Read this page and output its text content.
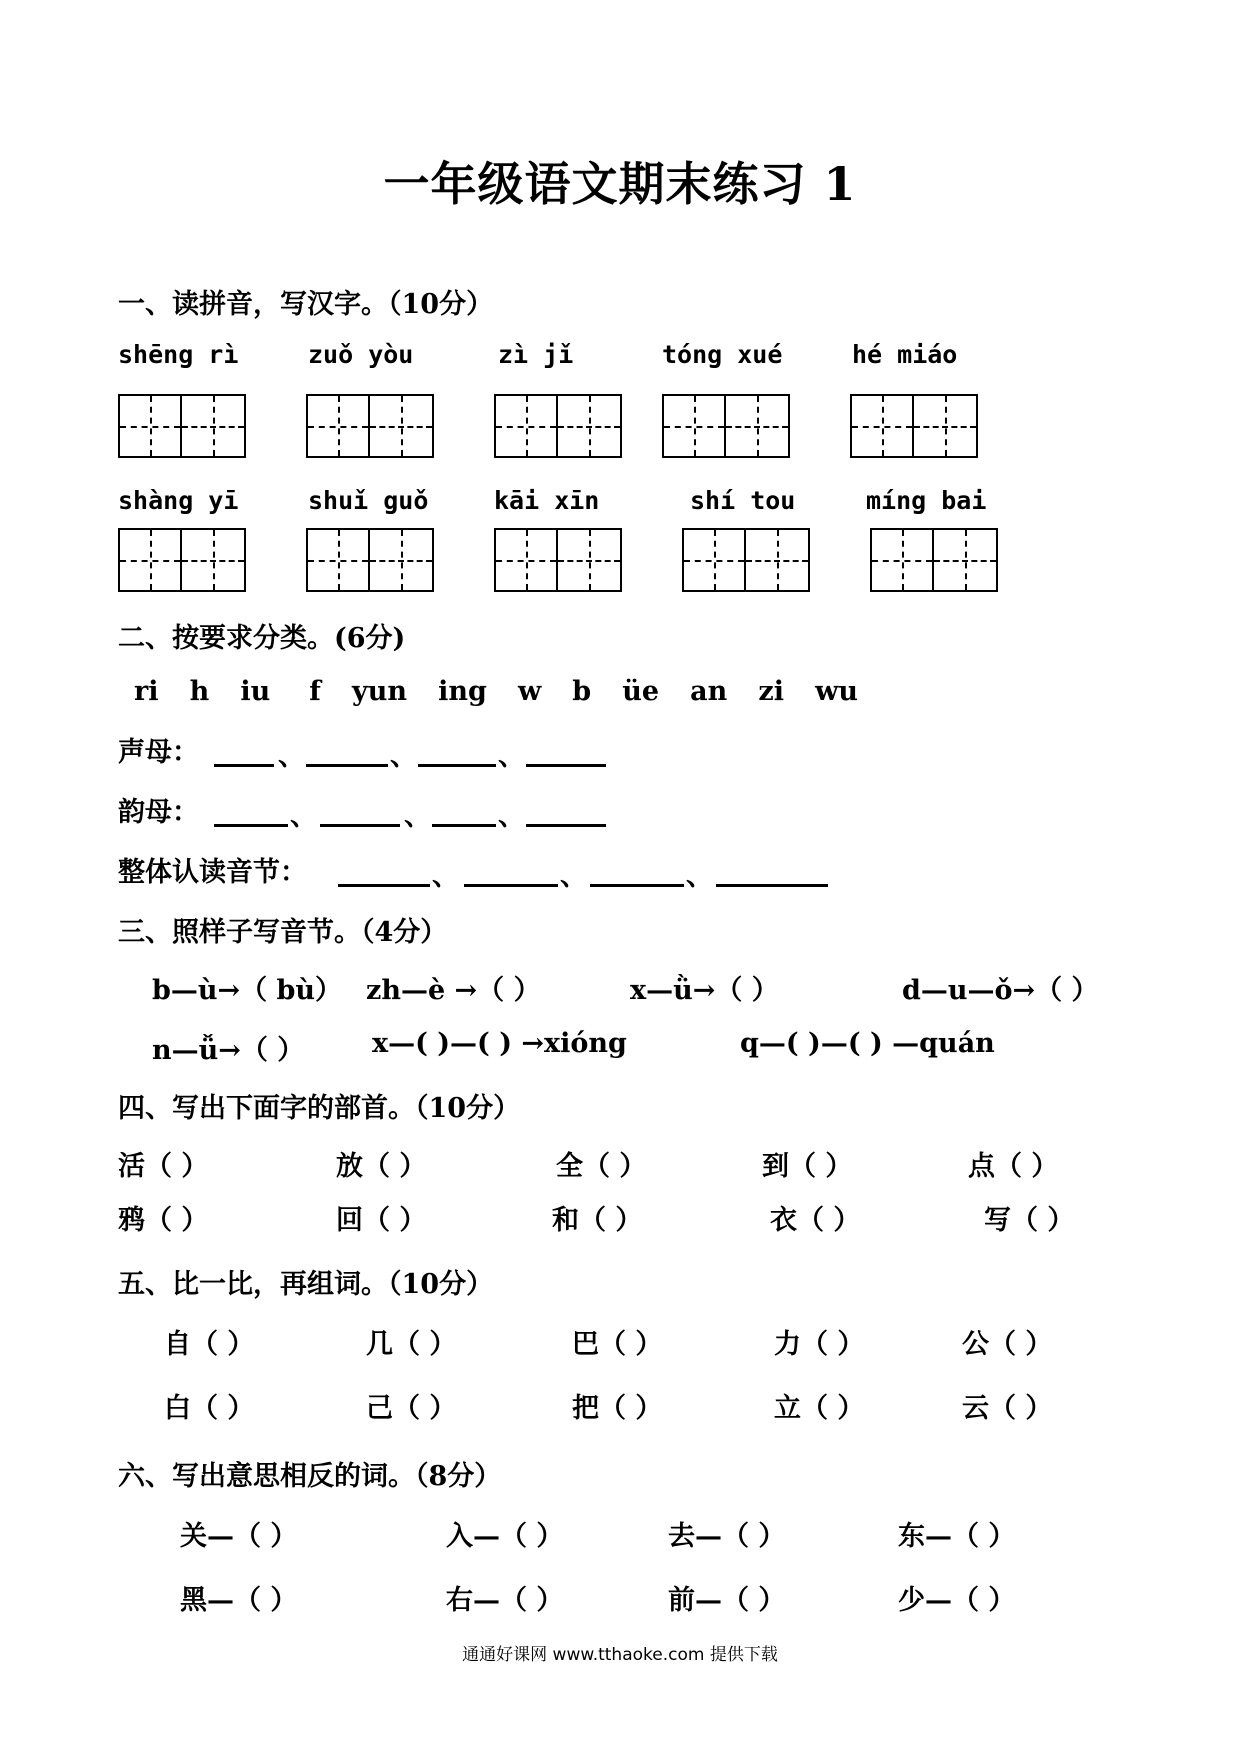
一年级语文期末练习 1
一、读拼音，写汉字。（10分）
shēng rì	zuǒ yòu	zì jǐ	tóng xué	hé miáo
shàng yī	shuǐ guǒ	kāi xīn	shí tou	míng bai
二、按要求分类。(6分)
ri h iu f yun ing w b üe an zi wu
声母：	、	、	、
韵母：	、	、 、
整体认读音节：	、	、	、
三、照样子写音节。（4分）
b—ù→（ bù） zh—è →（ ）	x—ǜ→（ ）	d—u—ǒ→（ ）
n—ǚ→（ ）	x—( )—( ) →xióng	q—( )—( ) —quán
四、写出下面字的部首。（10分）
活（ ）	放（ ）	全（ ）	到（ ）	点（ ）
鸦（ ）	回（ ）	和（ ）	衣（ ）	写（ ）
五、比一比，再组词。（10分）
自（ ）	几（ ）	巴（ ）	力（ ）	公（ ）
白（ ）	己（ ）	把（ ）	立（ ）	云（ ）
六、写出意思相反的词。（8分）
关—（ ）	入—（ ）	去—（ ）	东—（ ）
黑—（ ）	右—（ ）	前—（ ）	少—（ ）
通通好课网 www.tthaoke.com 提供下载
